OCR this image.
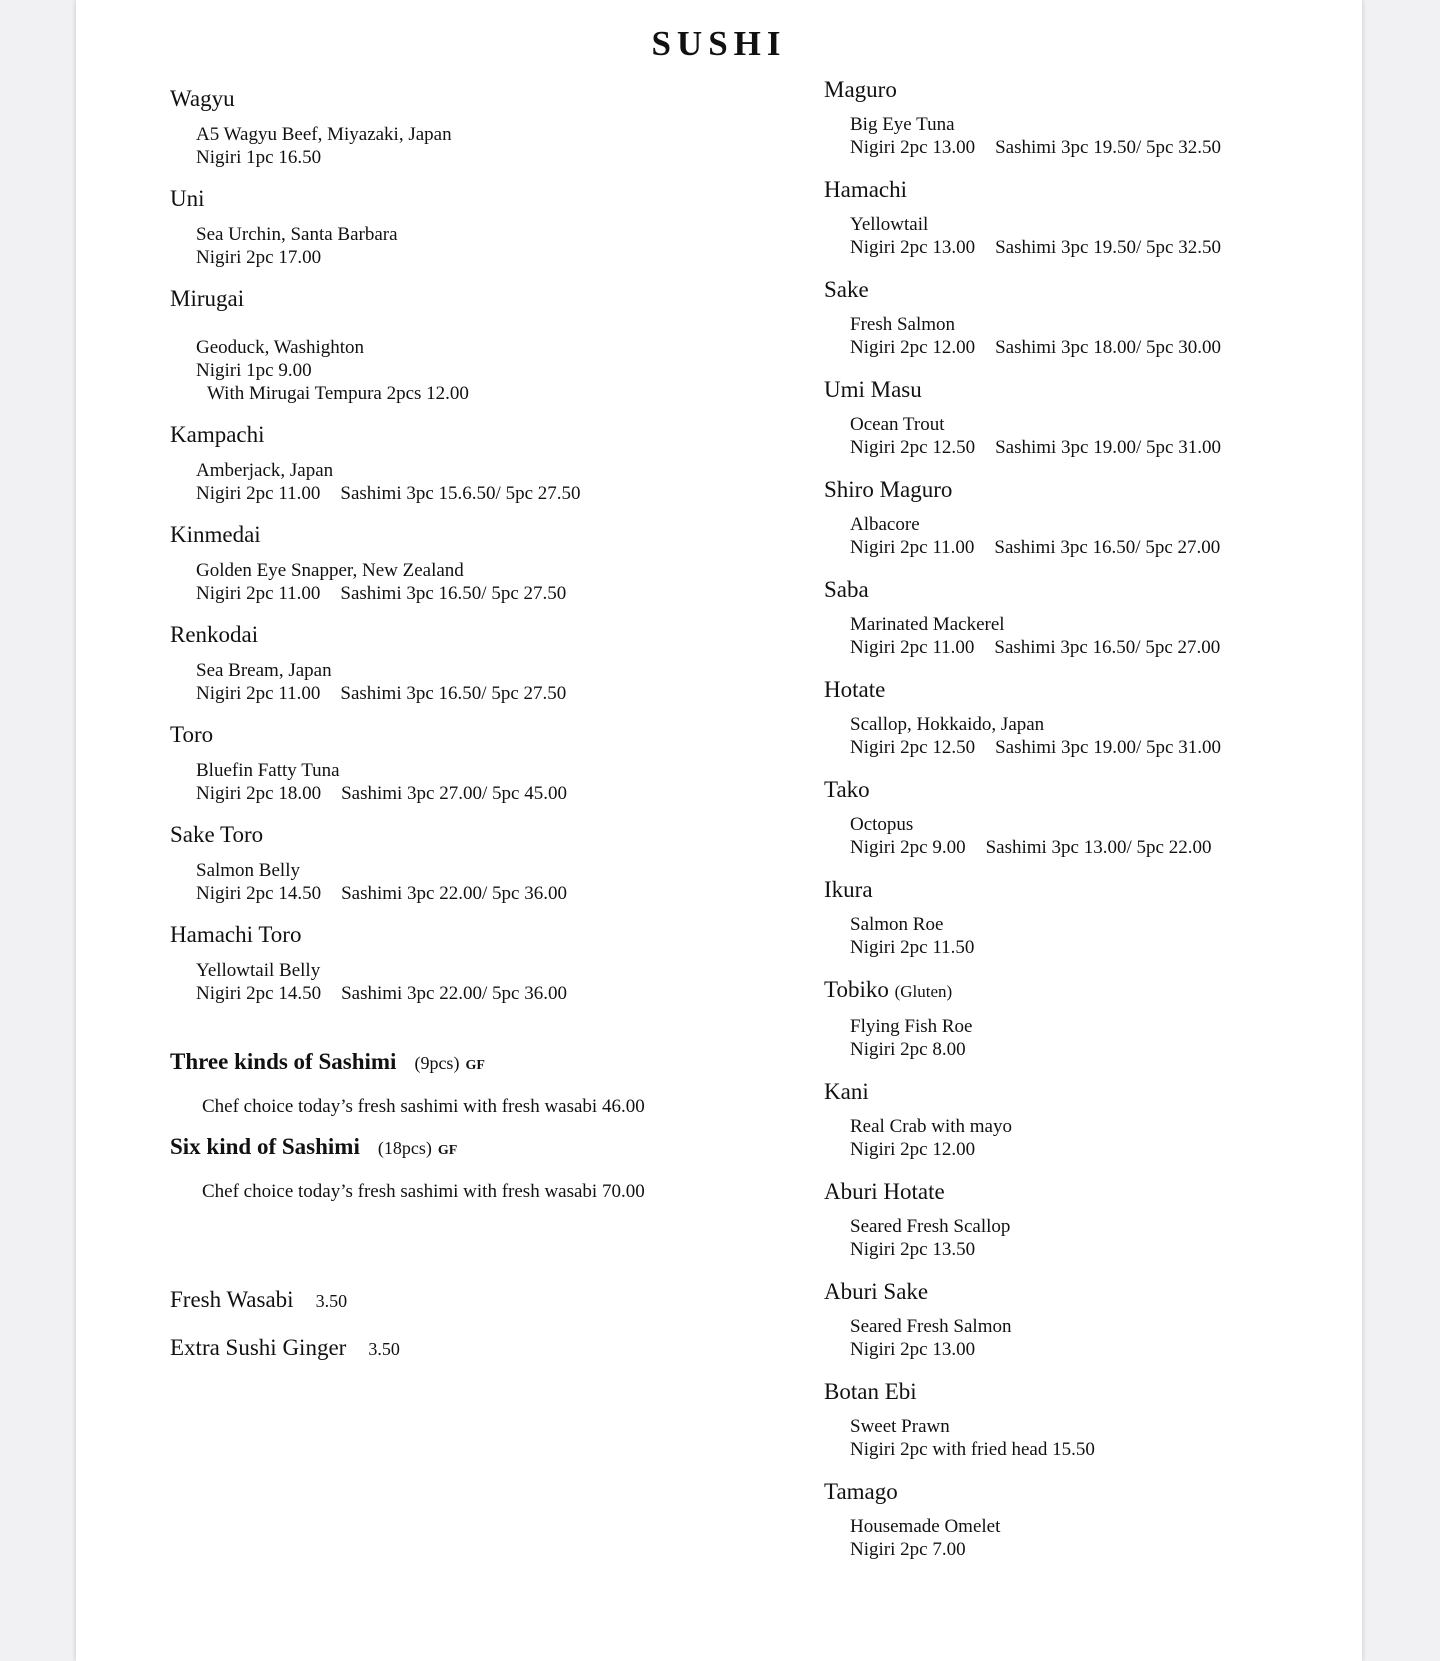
SUSHI
Wagyu
A5 Wagyu Beef, Miyazaki, Japan
Nigiri 1pc 16.50
Uni
Sea Urchin, Santa Barbara
Nigiri 2pc 17.00
Mirugai
Geoduck, Washighton
Nigiri 1pc 9.00
With Mirugai Tempura 2pcs 12.00
Kampachi
Amberjack, Japan
Nigiri 2pc 11.00 Sashimi 3pc 15.6.50/ 5pc 27.50
Kinmedai
Golden Eye Snapper, New Zealand
Nigiri 2pc 11.00 Sashimi 3pc 16.50/ 5pc 27.50
Renkodai
Sea Bream, Japan
Nigiri 2pc 11.00 Sashimi 3pc 16.50/ 5pc 27.50
Toro
Bluefin Fatty Tuna
Nigiri 2pc 18.00 Sashimi 3pc 27.00/ 5pc 45.00
Sake Toro
Salmon Belly
Nigiri 2pc 14.50 Sashimi 3pc 22.00/ 5pc 36.00
Hamachi Toro
Yellowtail Belly
Nigiri 2pc 14.50 Sashimi 3pc 22.00/ 5pc 36.00
Three kinds of Sashimi (9pcs) GF
Chef choice today’s fresh sashimi with fresh wasabi 46.00
Six kind of Sashimi (18pcs) GF
Chef choice today’s fresh sashimi with fresh wasabi 70.00
Fresh Wasabi 3.50
Extra Sushi Ginger 3.50
Maguro
Big Eye Tuna
Nigiri 2pc 13.00 Sashimi 3pc 19.50/ 5pc 32.50
Hamachi
Yellowtail
Nigiri 2pc 13.00 Sashimi 3pc 19.50/ 5pc 32.50
Sake
Fresh Salmon
Nigiri 2pc 12.00 Sashimi 3pc 18.00/ 5pc 30.00
Umi Masu
Ocean Trout
Nigiri 2pc 12.50 Sashimi 3pc 19.00/ 5pc 31.00
Shiro Maguro
Albacore
Nigiri 2pc 11.00 Sashimi 3pc 16.50/ 5pc 27.00
Saba
Marinated Mackerel
Nigiri 2pc 11.00 Sashimi 3pc 16.50/ 5pc 27.00
Hotate
Scallop, Hokkaido, Japan
Nigiri 2pc 12.50 Sashimi 3pc 19.00/ 5pc 31.00
Tako
Octopus
Nigiri 2pc 9.00 Sashimi 3pc 13.00/ 5pc 22.00
Ikura
Salmon Roe
Nigiri 2pc 11.50
Tobiko (Gluten)
Flying Fish Roe
Nigiri 2pc 8.00
Kani
Real Crab with mayo
Nigiri 2pc 12.00
Aburi Hotate
Seared Fresh Scallop
Nigiri 2pc 13.50
Aburi Sake
Seared Fresh Salmon
Nigiri 2pc 13.00
Botan Ebi
Sweet Prawn
Nigiri 2pc with fried head 15.50
Tamago
Housemade Omelet
Nigiri 2pc 7.00
